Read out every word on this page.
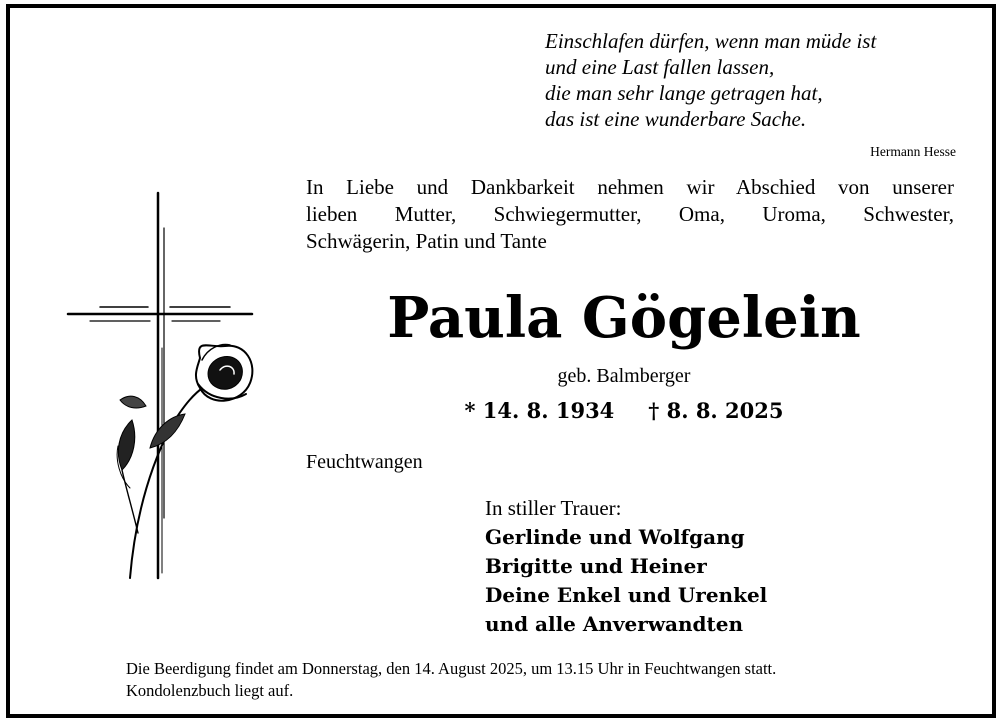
Einschlafen dürfen, wenn man müde ist
und eine Last fallen lassen,
die man sehr lange getragen hat,
das ist eine wunderbare Sache.
Hermann Hesse
In Liebe und Dankbarkeit nehmen wir Abschied von unserer
lieben Mutter, Schwiegermutter, Oma, Uroma, Schwester,
Schwägerin, Patin und Tante
Paula Gögelein
geb. Balmberger
* 14. 8. 1934 † 8. 8. 2025
Feuchtwangen
In stiller Trauer:
Gerlinde und Wolfgang
Brigitte und Heiner
Deine Enkel und Urenkel
und alle Anverwandten
Die Beerdigung findet am Donnerstag, den 14. August 2025, um 13.15 Uhr in Feuchtwangen statt.
Kondolenzbuch liegt auf.
